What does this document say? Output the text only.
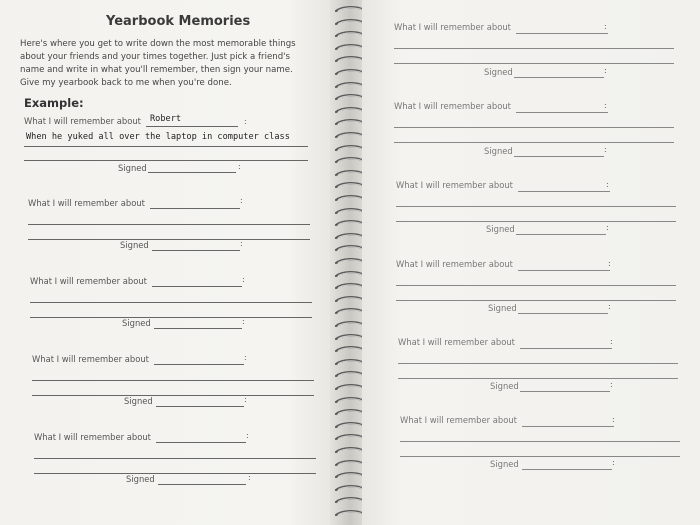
Yearbook Memories
Here's where you get to write down the most memorable things
about your friends and your times together. Just pick a friend's
name and write in what you'll remember, then sign your name.
Give my yearbook back to me when you're done.
Example:
What I will remember about Robert	:
When he yuked all over the laptop in computer class
Signed	:
What I will remember about	:
Signed	:
What I will remember about	:
Signed	:
What I will remember about	:
Signed	:
What I will remember about	:
Signed	:
What I will remember about	:
Signed	:
What I will remember about	:
Signed	:
What I will remember about	:
Signed	:
What I will remember about	:
Signed	:
What I will remember about	:
Signed	:
What I will remember about	:
Signed	:
